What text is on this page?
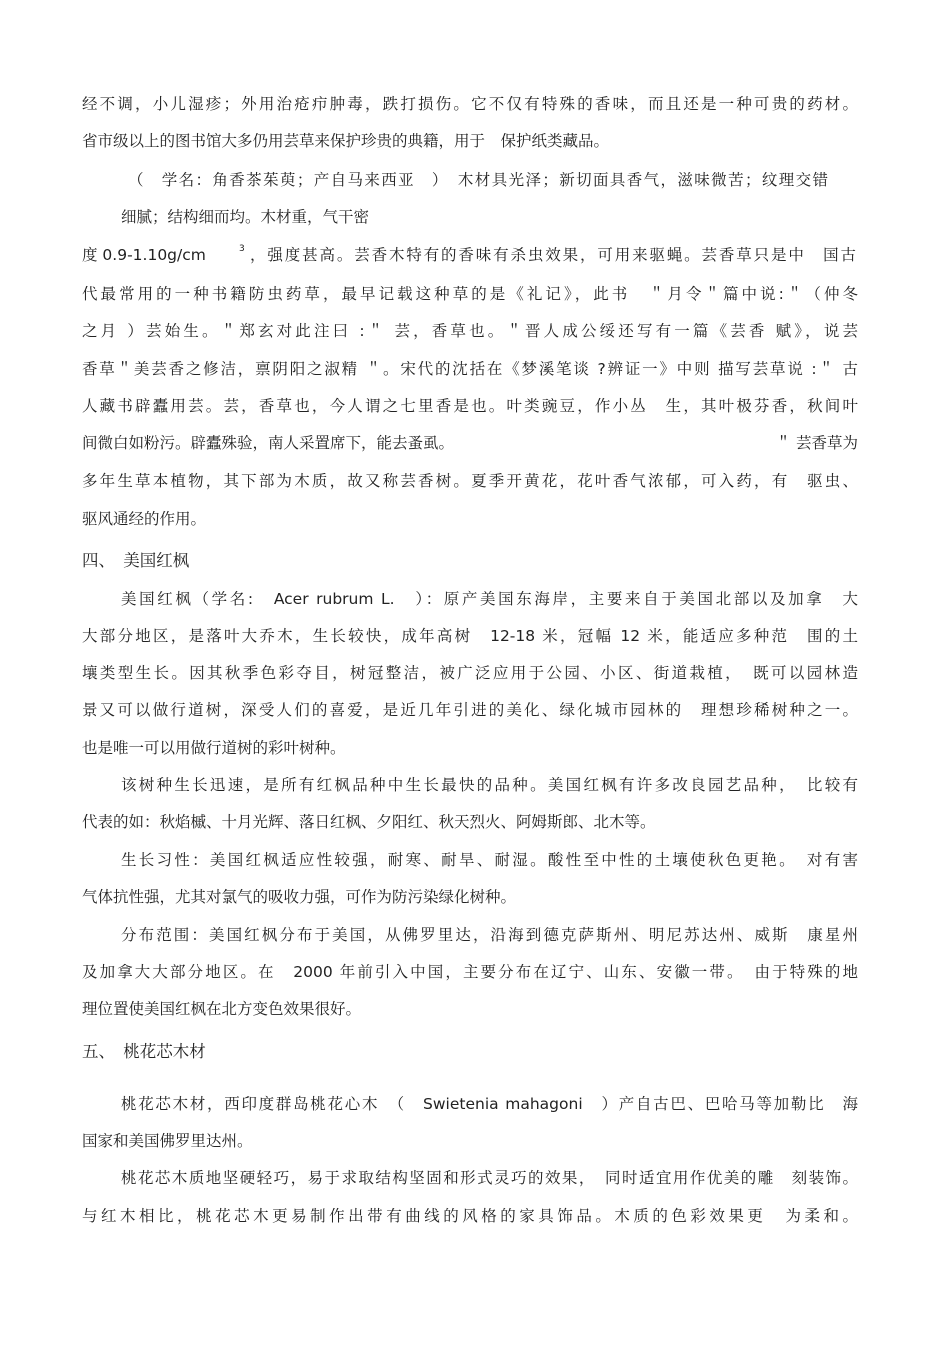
经不调，小儿湿疹；外用治疮疖肿毒，跌打损伤。它不仅有特殊的香味，而且还是一种可贵的药材。
省市级以上的图书馆大多仍用芸草来保护珍贵的典籍，用于　保护纸类藏品。
（　学名：角香茶茱萸；产自马来西亚　）　木材具光泽；新切面具香气，滋味微苦；纹理交错
细腻；结构细而均。木材重，气干密
度 0.9-1.10g/cm	3 ，强度甚高。芸香木特有的香味有杀虫效果，可用来驱蝇。芸香草只是中　国古
代最常用的一种书籍防虫药草，最早记载这种草的是《礼记》，此书　＂月令＂篇中说:＂（仲冬
之月 ）芸始生。＂郑玄对此注曰 :＂ 芸，香草也。＂晋人成公绥还写有一篇《芸香 赋》，说芸
香草＂美芸香之修洁，禀阴阳之淑精 ＂。宋代的沈括在《梦溪笔谈 ?辨证一》中则 描写芸草说 :＂ 古
人藏书辟蠹用芸。芸，香草也，今人谓之七里香是也。叶类豌豆，作小丛　生，其叶极芬香，秋间叶
间微白如粉污。辟蠹殊验，南人采置席下，能去蚤虱。	＂ 芸香草为
多年生草本植物，其下部为木质，故又称芸香树。夏季开黄花，花叶香气浓郁，可入药，有　驱虫、
驱风通经的作用。
四、　美国红枫
美国红枫（学名:　Acer rubrum L.　）：原产美国东海岸，主要来自于美国北部以及加拿　大
大部分地区，是落叶大乔木，生长较快，成年高树　12-18 米，冠幅 12 米，能适应多种范　围的土
壤类型生长。因其秋季色彩夺目，树冠整洁，被广泛应用于公园、小区、街道栽植，　既可以园林造
景又可以做行道树，深受人们的喜爱，是近几年引进的美化、绿化城市园林的　理想珍稀树种之一。
也是唯一可以用做行道树的彩叶树种。
该树种生长迅速，是所有红枫品种中生长最快的品种。美国红枫有许多改良园艺品种，　比较有
代表的如：秋焰槭、十月光辉、落日红枫、夕阳红、秋天烈火、阿姆斯郎、北木等。
生长习性：美国红枫适应性较强，耐寒、耐旱、耐湿。酸性至中性的土壤使秋色更艳。　对有害
气体抗性强，尤其对氯气的吸收力强，可作为防污染绿化树种。
分布范围：美国红枫分布于美国，从佛罗里达，沿海到德克萨斯州、明尼苏达州、威斯　康星州
及加拿大大部分地区。在　2000 年前引入中国，主要分布在辽宁、山东、安徽一带。　由于特殊的地
理位置使美国红枫在北方变色效果很好。
五、　桃花芯木材
桃花芯木材，西印度群岛桃花心木　（　Swietenia mahagoni　）产自古巴、巴哈马等加勒比　海
国家和美国佛罗里达州。
桃花芯木质地坚硬轻巧，易于求取结构坚固和形式灵巧的效果，　同时适宜用作优美的雕　刻装饰。
与红木相比，桃花芯木更易制作出带有曲线的风格的家具饰品。木质的色彩效果更　为柔和。
